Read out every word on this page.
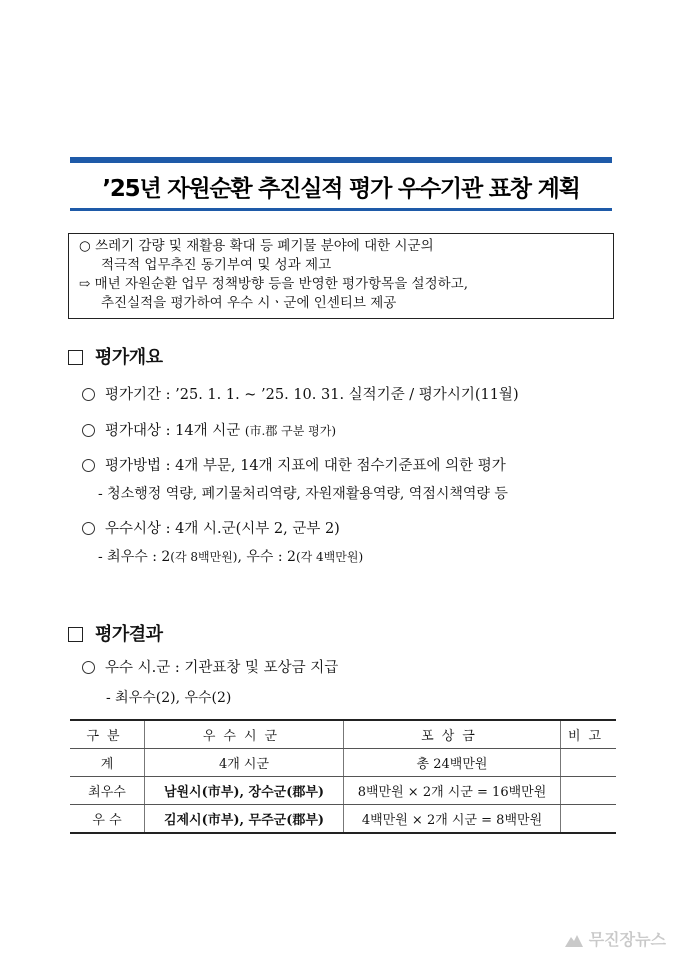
’25년 자원순환 추진실적 평가 우수기관 표창 계획
○ 쓰레기 감량 및 재활용 확대 등 폐기물 분야에 대한 시군의
적극적 업무추진 동기부여 및 성과 제고
⇨ 매년 자원순환 업무 정책방향 등을 반영한 평가항목을 설정하고,
추진실적을 평가하여 우수 시ㆍ군에 인센티브 제공
평가개요
평가기간 : ’25. 1. 1. ~ ’25. 10. 31. 실적기준 / 평가시기(11월)
평가대상 : 14개 시군 (市.郡 구분 평가)
평가방법 : 4개 부문, 14개 지표에 대한 점수기준표에 의한 평가
- 청소행정 역량, 폐기물처리역량, 자원재활용역량, 역점시책역량 등
우수시상 : 4개 시.군(시부 2, 군부 2)
- 최우수 : 2(각 8백만원), 우수 : 2(각 4백만원)
평가결과
우수 시.군 : 기관표창 및 포상금 지급
- 최우수(2), 우수(2)
구분	우수시군	포상금	비고
계	4개 시군	총 24백만원	
최우수	남원시(市부), 장수군(郡부)	8백만원 × 2개 시군 = 16백만원	
우 수	김제시(市부), 무주군(郡부)	4백만원 × 2개 시군 = 8백만원	
무진장뉴스
